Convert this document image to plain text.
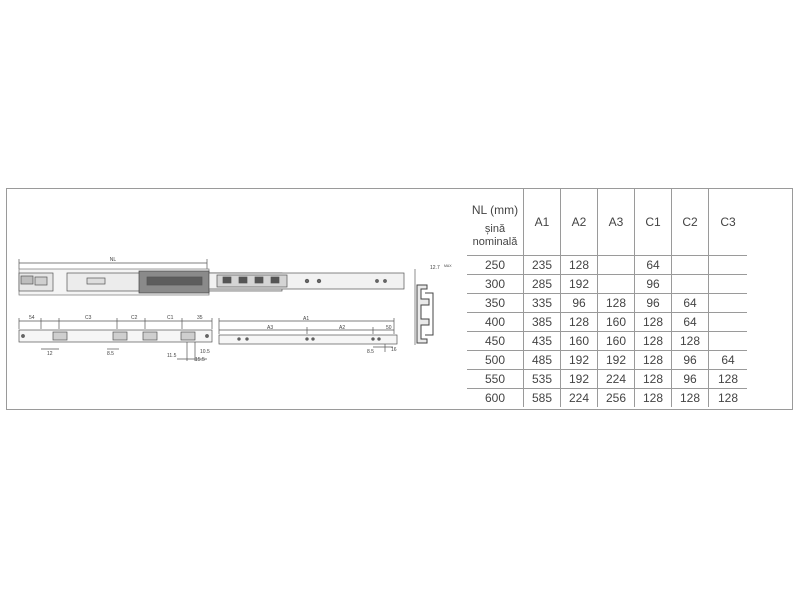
NL
12.7 MAX
54	C3	C2	C1	35
12	8.5	11.5
10.5
15.5
A1
A3	A2	50
8.5	16
NL (mm)
șină nominală	A1	A2	A3	C1	C2	C3
250	235	128		64		
300	285	192		96		
350	335	96	128	96	64	
400	385	128	160	128	64	
450	435	160	160	128	128	
500	485	192	192	128	96	64
550	535	192	224	128	96	128
600	585	224	256	128	128	128
